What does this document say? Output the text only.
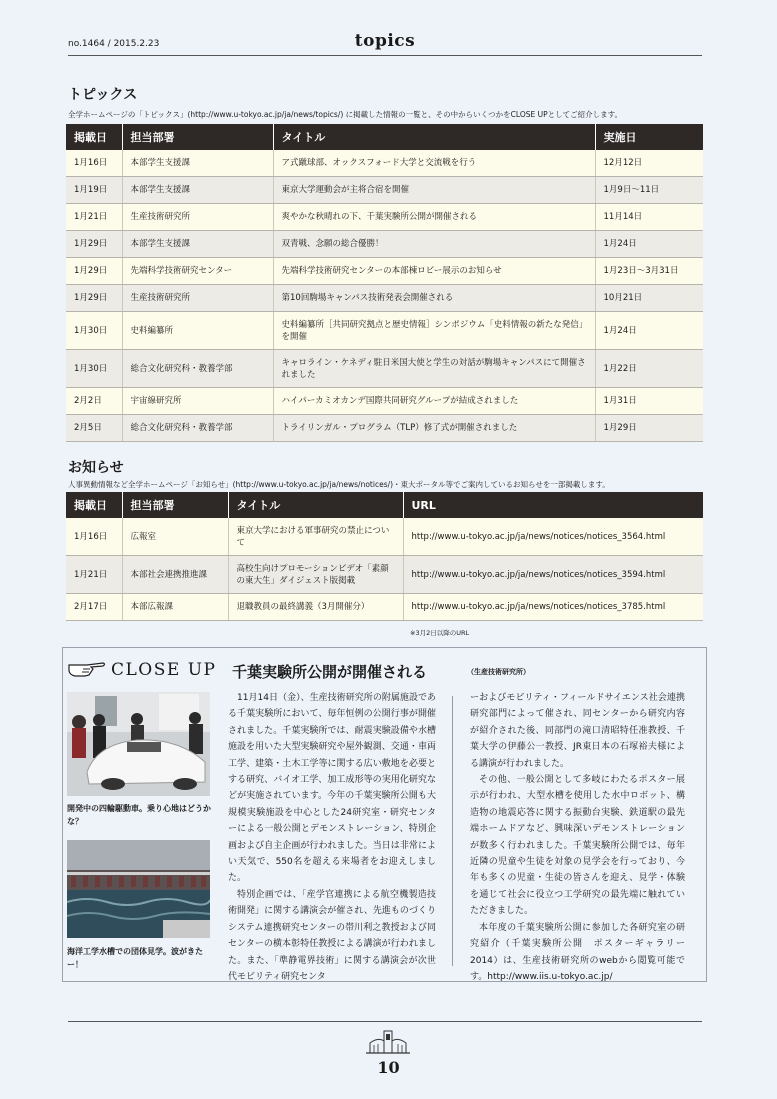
no.1464 / 2015.2.23	topics
トピックス
全学ホームページの「トピックス」(http://www.u-tokyo.ac.jp/ja/news/topics/) に掲載した情報の一覧と、その中からいくつかをCLOSE UPとしてご紹介します。
掲載日	担当部署	タイトル	実施日
1月16日	本部学生支援課	ア式蹴球部、オックスフォード大学と交流戦を行う	12月12日
1月19日	本部学生支援課	東京大学運動会が主将合宿を開催	1月9日～11日
1月21日	生産技術研究所	爽やかな秋晴れの下、千葉実験所公開が開催される	11月14日
1月29日	本部学生支援課	双青戦、念願の総合優勝！	1月24日
1月29日	先端科学技術研究センター	先端科学技術研究センターの本部棟ロビー展示のお知らせ	1月23日～3月31日
1月29日	生産技術研究所	第10回駒場キャンパス技術発表会開催される	10月21日
1月30日	史料編纂所	史料編纂所［共同研究拠点と歴史情報］シンポジウム「史料情報の新たな発信」を開催	1月24日
1月30日	総合文化研究科・教養学部	キャロライン・ケネディ駐日米国大使と学生の対話が駒場キャンパスにて開催されました	1月22日
2月2日	宇宙線研究所	ハイパーカミオカンデ国際共同研究グループが結成されました	1月31日
2月5日	総合文化研究科・教養学部	トライリンガル・プログラム（TLP）修了式が開催されました	1月29日
お知らせ
人事異動情報など全学ホームページ「お知らせ」(http://www.u-tokyo.ac.jp/ja/news/notices/)・東大ポータル等でご案内しているお知らせを一部掲載します。
掲載日	担当部署	タイトル	URL
1月16日	広報室	東京大学における軍事研究の禁止について	http://www.u-tokyo.ac.jp/ja/news/notices/notices_3564.html
1月21日	本部社会連携推進課	高校生向けプロモーションビデオ「素顔の東大生」ダイジェスト版掲載	http://www.u-tokyo.ac.jp/ja/news/notices/notices_3594.html
2月17日	本部広報課	退職教員の最終講義（3月開催分）	http://www.u-tokyo.ac.jp/ja/news/notices/notices_3785.html
※3月2日以降のURL
CLOSE UP
開発中の四輪駆動車。乗り心地はどうかな？
海洋工学水槽での団体見学。波がきたー！
千葉実験所公開が開催される	（生産技術研究所）

11月14日（金）、生産技術研究所の附属施設である千葉実験所において、毎年恒例の公開行事が開催されました。千葉実験所では、耐震実験設備や水槽施設を用いた大型実験研究や屋外観測、交通・車両工学、建築・土木工学等に関する広い敷地を必要とする研究、バイオ工学、加工成形等の実用化研究などが実施されています。今年の千葉実験所公開も大規模実験施設を中心とした24研究室・研究センターによる一般公開とデモンストレーション、特別企画および自主企画が行われました。当日は非常によい天気で、550名を超える来場者をお迎えしました。

特別企画では、「産学官連携による航空機製造技術開発」に関する講演会が催され、先進ものづくりシステム連携研究センターの帯川利之教授および同センターの横本彰特任教授による講演が行われました。また、「準静電界技術」に関する講演会が次世代モビリティ研究センタ

ーおよびモビリティ・フィールドサイエンス社会連携研究部門によって催され、同センターから研究内容が紹介された後、同部門の滝口清昭特任准教授、千葉大学の伊藤公一教授、JR東日本の石塚裕夫様による講演が行われました。

その他、一般公開として多岐にわたるポスター展示が行われ、大型水槽を使用した水中ロボット、構造物の地震応答に関する振動台実験、鉄道駅の最先端ホームドアなど、興味深いデモンストレーションが数多く行われました。千葉実験所公開では、毎年近隣の児童や生徒を対象の見学会を行っており、今年も多くの児童・生徒の皆さんを迎え、見学・体験を通じて社会に役立つ工学研究の最先端に触れていただきました。

本年度の千葉実験所公開に参加した各研究室の研究紹介（千葉実験所公開　ポスターギャラリー2014）は、生産技術研究所のwebから閲覧可能です。http://www.iis.u-tokyo.ac.jp/

10
